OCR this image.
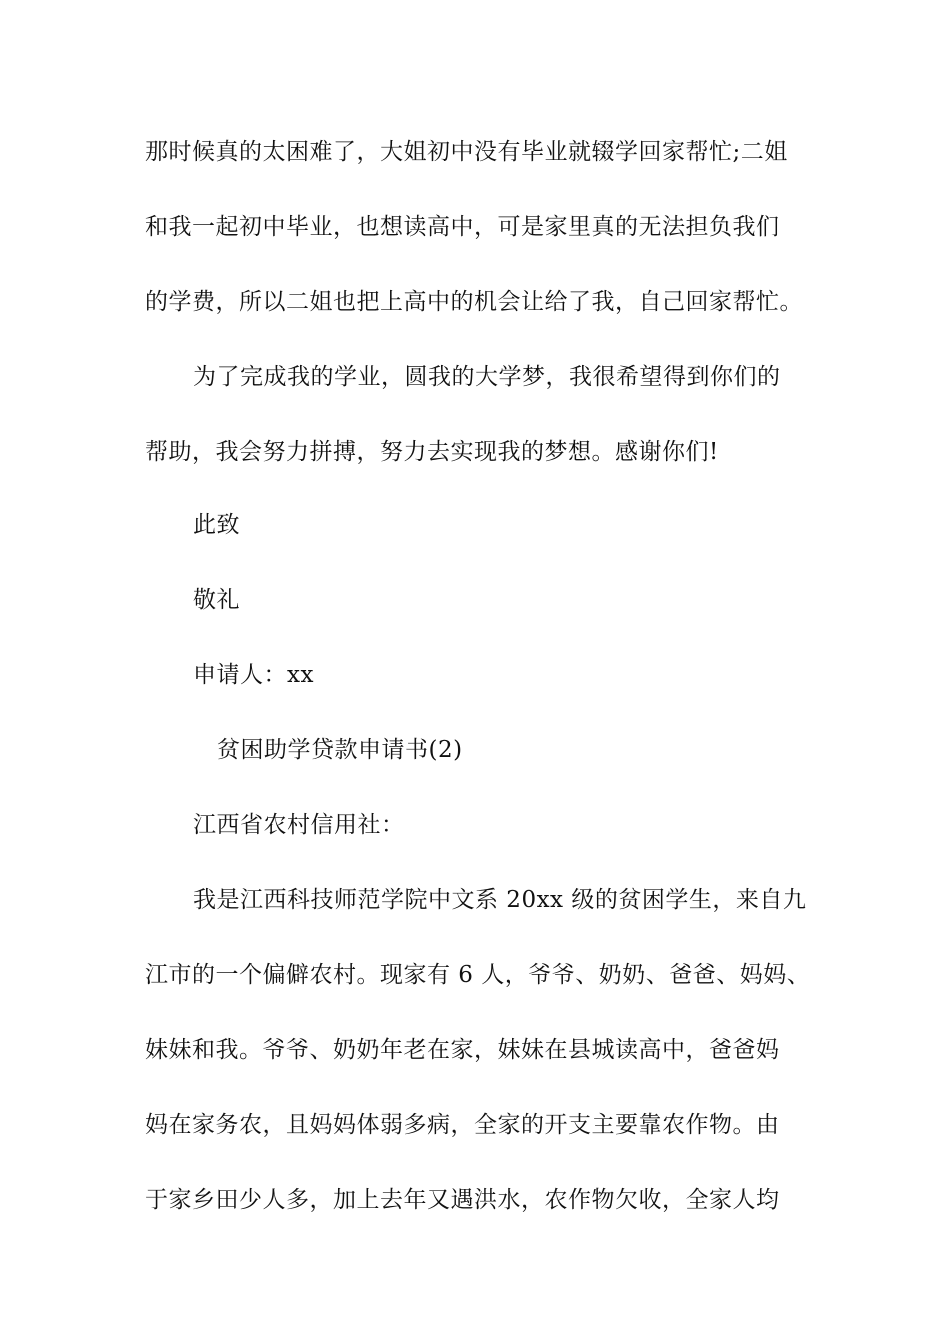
那时候真的太困难了，大姐初中没有毕业就辍学回家帮忙;二姐
和我一起初中毕业，也想读高中，可是家里真的无法担负我们
的学费，所以二姐也把上高中的机会让给了我，自己回家帮忙。
为了完成我的学业，圆我的大学梦，我很希望得到你们的
帮助，我会努力拼搏，努力去实现我的梦想。感谢你们!
此致
敬礼
申请人：xx
贫困助学贷款申请书(2)
江西省农村信用社：
我是江西科技师范学院中文系 20xx 级的贫困学生，来自九
江市的一个偏僻农村。现家有 6 人，爷爷、奶奶、爸爸、妈妈、
妹妹和我。爷爷、奶奶年老在家，妹妹在县城读高中，爸爸妈
妈在家务农，且妈妈体弱多病，全家的开支主要靠农作物。由
于家乡田少人多，加上去年又遇洪水，农作物欠收，全家人均
